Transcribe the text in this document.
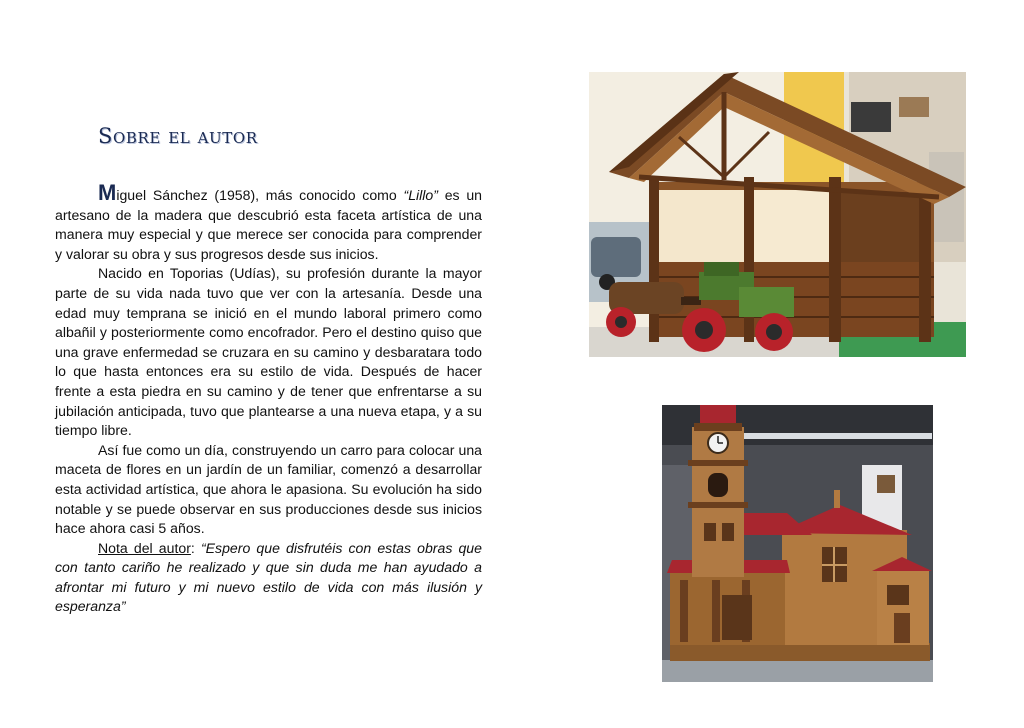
Sobre el autor

Miguel Sánchez (1958), más conocido como “Lillo” es un artesano de la madera que descubrió esta faceta artística de una manera muy especial y que merece ser conocida para comprender y valorar su obra y sus progresos desde sus inicios.

Nacido en Toporias (Udías), su profesión durante la mayor parte de su vida nada tuvo que ver con la artesanía. Desde una edad muy temprana se inició en el mundo laboral primero como albañil y posteriormente como encofrador. Pero el destino quiso que una grave enfermedad se cruzara en su camino y desbaratara todo lo que hasta entonces era su estilo de vida. Después de hacer frente a esta piedra en su camino y de tener que enfrentarse a su jubilación anticipada, tuvo que plantearse a una nueva etapa, y a su tiempo libre.

Así fue como un día, construyendo un carro para colocar una maceta de flores en un jardín de un familiar, comenzó a desarrollar esta actividad artística, que ahora le apasiona. Su evolución ha sido notable y se puede observar en sus producciones desde sus inicios hace ahora casi 5 años.

Nota del autor: “Espero que disfrutéis con estas obras que con tanto cariño he realizado y que sin duda me han ayudado a afrontar mi futuro y mi nuevo estilo de vida con más ilusión y esperanza”
